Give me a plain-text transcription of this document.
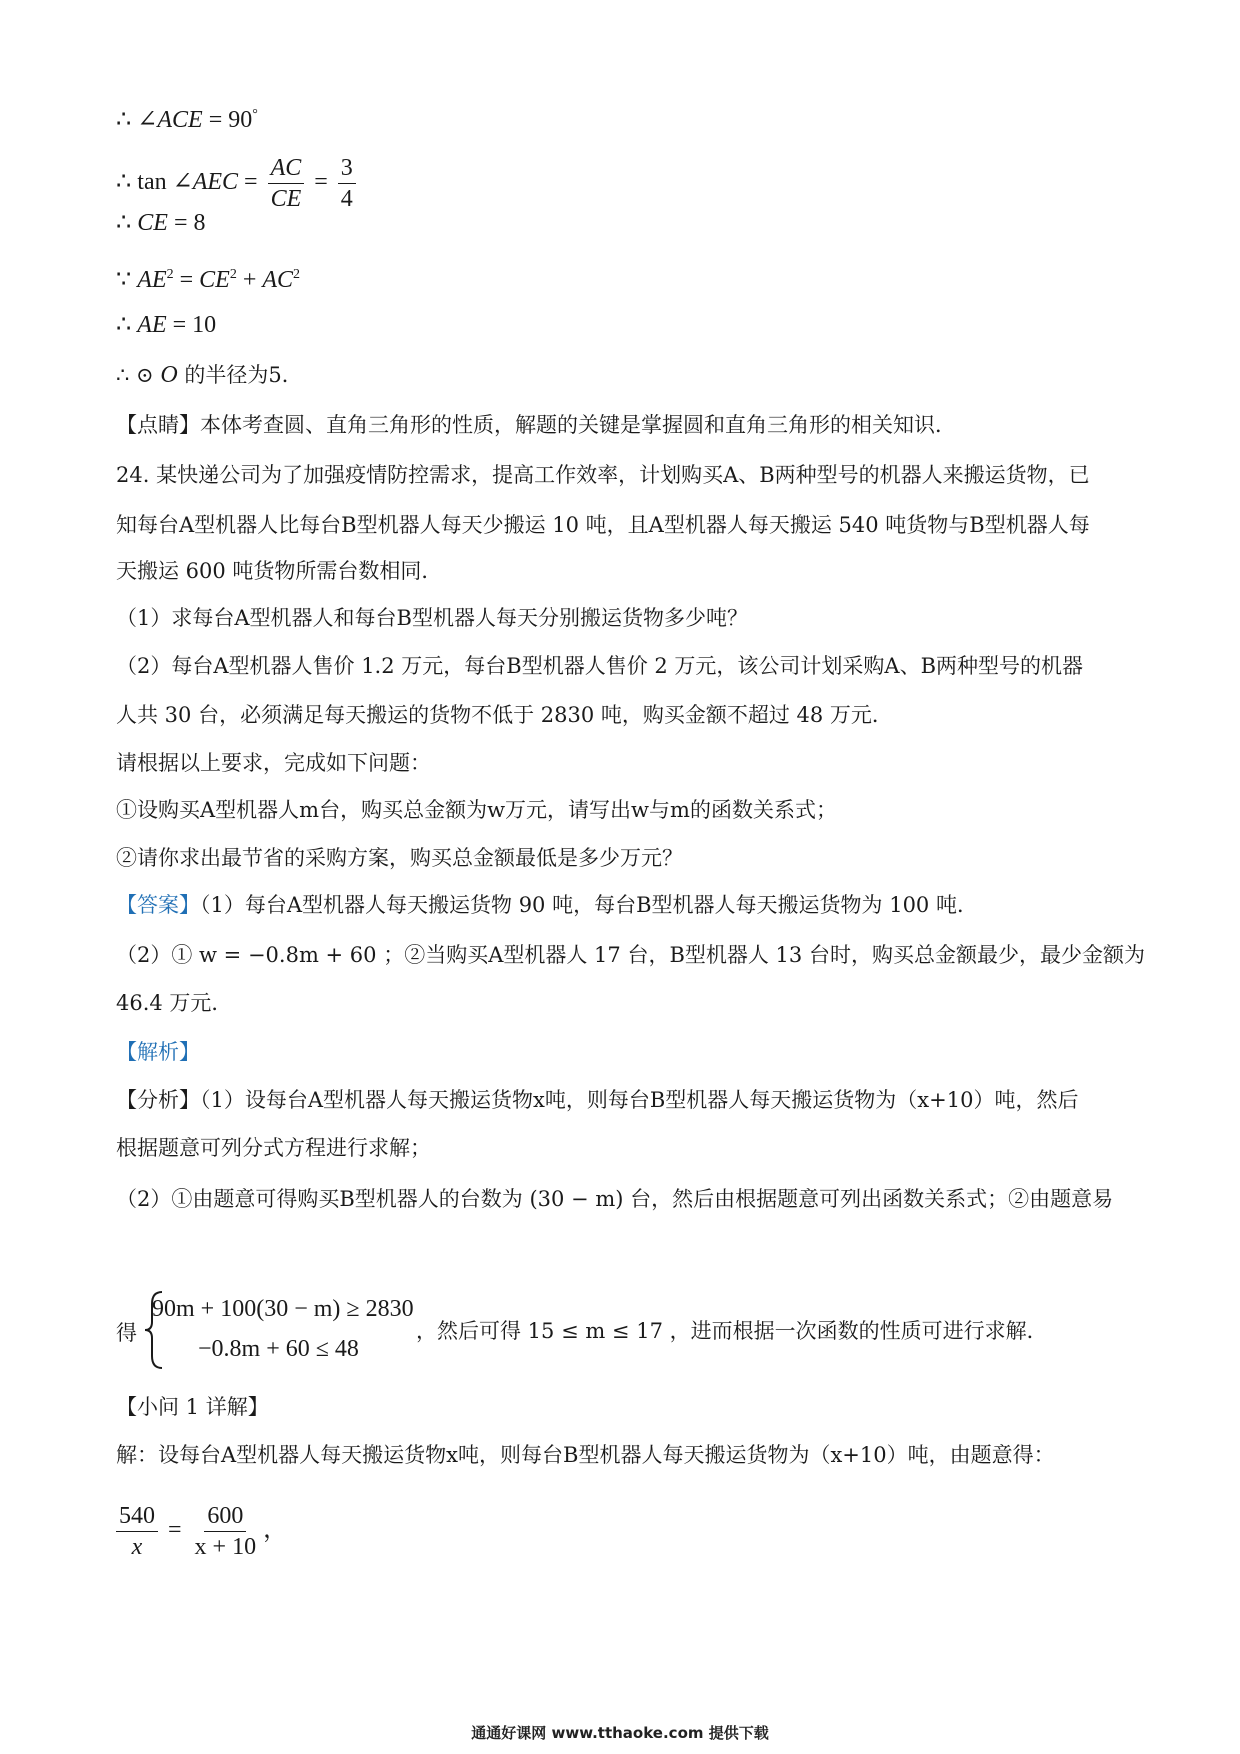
∴ ∠ACE = 90°
∴ tan ∠AEC = $\frac{AC}{CE} = \frac{3}{4}$
∴ CE = 8
∵ $AE^2 = CE^2 + AC^2$
∴ AE = 10
∴ ⊙ O 的半径为5．
【点睛】本体考查圆、直角三角形的性质，解题的关键是掌握圆和直角三角形的相关知识．
24. 某快递公司为了加强疫情防控需求，提高工作效率，计划购买A、B两种型号的机器人来搬运货物，已
知每台A型机器人比每台B型机器人每天少搬运 10 吨，且A型机器人每天搬运 540 吨货物与B型机器人每
天搬运 600 吨货物所需台数相同．
（1）求每台A型机器人和每台B型机器人每天分别搬运货物多少吨？
（2）每台A型机器人售价 1.2 万元，每台B型机器人售价 2 万元，该公司计划采购A、B两种型号的机器
人共 30 台，必须满足每天搬运的货物不低于 2830 吨，购买金额不超过 48 万元．
请根据以上要求，完成如下问题：
①设购买A型机器人m台，购买总金额为w万元，请写出w与m的函数关系式；
②请你求出最节省的采购方案，购买总金额最低是多少万元？
【答案】（1）每台A型机器人每天搬运货物 90 吨，每台B型机器人每天搬运货物为 100 吨．
（2）① w = −0.8m + 60 ；②当购买A型机器人 17 台，B型机器人 13 台时，购买总金额最少，最少金额为
46.4 万元．
【解析】
【分析】（1）设每台A型机器人每天搬运货物x吨，则每台B型机器人每天搬运货物为（x+10）吨，然后
根据题意可列分式方程进行求解；
（2）①由题意可得购买B型机器人的台数为 (30 − m) 台，然后由根据题意可列出函数关系式；②由题意易
得
90m + 100(30 − m) ≥ 2830
−0.8m + 60 ≤ 48
，然后可得 15 ≤ m ≤ 17 ，进而根据一次函数的性质可进行求解．
【小问 1 详解】
解：设每台A型机器人每天搬运货物x吨，则每台B型机器人每天搬运货物为（x+10）吨，由题意得：
$\frac{540}{x} = \frac{600}{x + 10}$ ，
通通好课网 www.tthaoke.com 提供下载
